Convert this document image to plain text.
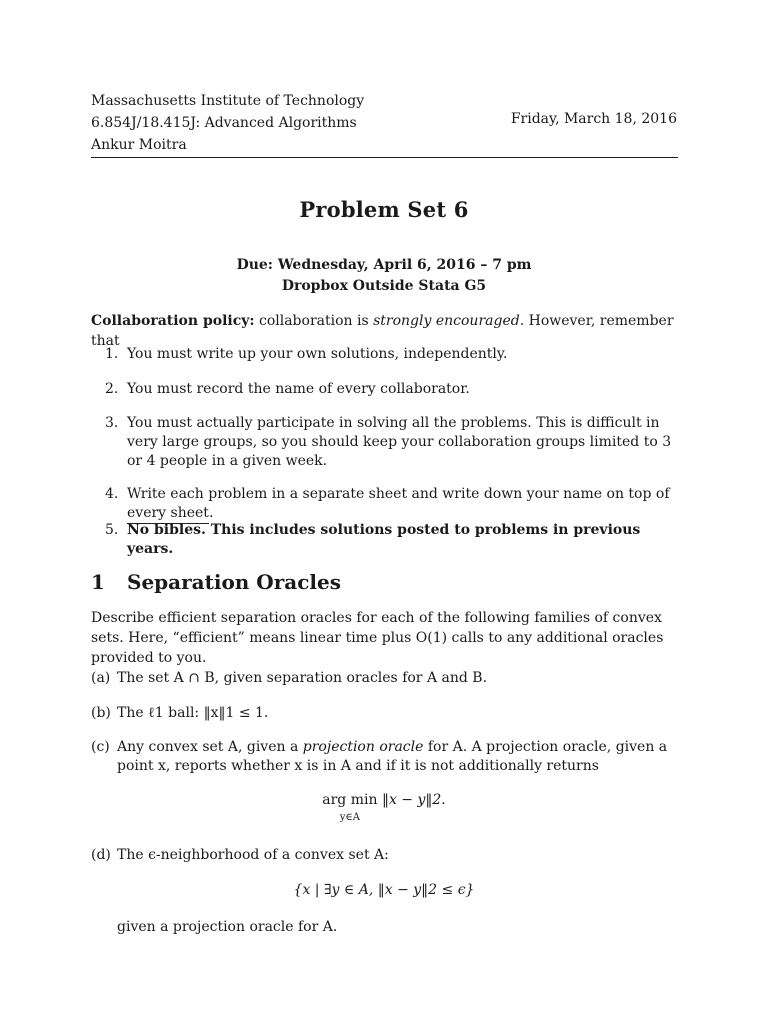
Massachusetts Institute of Technology
6.854J/18.415J: Advanced Algorithms
Ankur Moitra
Friday, March 18, 2016
Problem Set 6
Due: Wednesday, April 6, 2016 – 7 pm
Dropbox Outside Stata G5
Collaboration policy: collaboration is strongly encouraged. However, remember that
1. You must write up your own solutions, independently.
2. You must record the name of every collaborator.
3. You must actually participate in solving all the problems. This is difficult in very large groups, so you should keep your collaboration groups limited to 3 or 4 people in a given week.
4. Write each problem in a separate sheet and write down your name on top of every sheet.
5. No bibles. This includes solutions posted to problems in previous years.
1 Separation Oracles
Describe efficient separation oracles for each of the following families of convex sets. Here, “efficient” means linear time plus O(1) calls to any additional oracles provided to you.
(a) The set A ∩ B, given separation oracles for A and B.
(b) The ℓ1 ball: ‖x‖1 ≤ 1.
(c) Any convex set A, given a projection oracle for A. A projection oracle, given a point x, reports whether x is in A and if it is not additionally returns
arg min
y∈A ‖x − y‖2.
(d) The ϵ-neighborhood of a convex set A:
{x | ∃y ∈ A, ‖x − y‖2 ≤ ϵ}
given a projection oracle for A.
